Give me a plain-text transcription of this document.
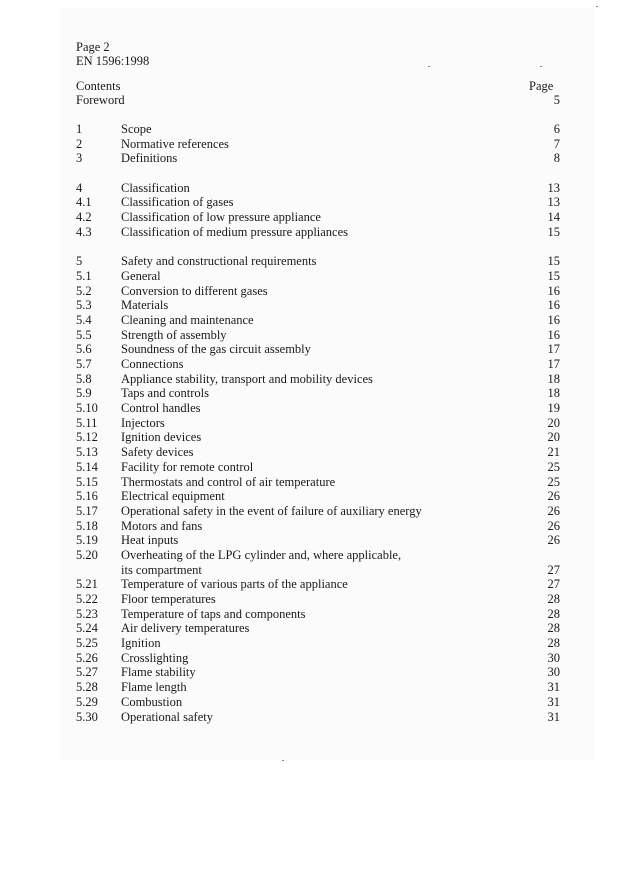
Page 2
EN 1596:1998
Contents	Page
Foreword	5
1	Scope	6
2	Normative references	7
3	Definitions	8
4	Classification	13
4.1 Classification of gases	13
4.2 Classification of low pressure appliance	14
4.3 Classification of medium pressure appliances	15
5	Safety and constructional requirements	15
5.1 General	15
5.2 Conversion to different gases	16
5.3 Materials	16
5.4 Cleaning and maintenance	16
5.5 Strength of assembly	16
5.6 Soundness of the gas circuit assembly	17
5.7 Connections	17
5.8 Appliance stability, transport and mobility devices	18
5.9 Taps and controls	18
5.10 Control handles	19
5.11 Injectors	20
5.12 Ignition devices	20
5.13 Safety devices	21
5.14 Facility for remote control	25
5.15 Thermostats and control of air temperature	25
5.16 Electrical equipment	26
5.17 Operational safety in the event of failure of auxiliary energy	26
5.18 Motors and fans	26
5.19 Heat inputs	26
5.20 Overheating of the LPG cylinder and, where applicable,
its compartment	27
5.21 Temperature of various parts of the appliance	27
5.22 Floor temperatures	28
5.23 Temperature of taps and components	28
5.24 Air delivery temperatures	28
5.25 Ignition	28
5.26 Crosslighting	30
5.27 Flame stability	30
5.28 Flame length	31
5.29 Combustion	31
5.30 Operational safety	31
